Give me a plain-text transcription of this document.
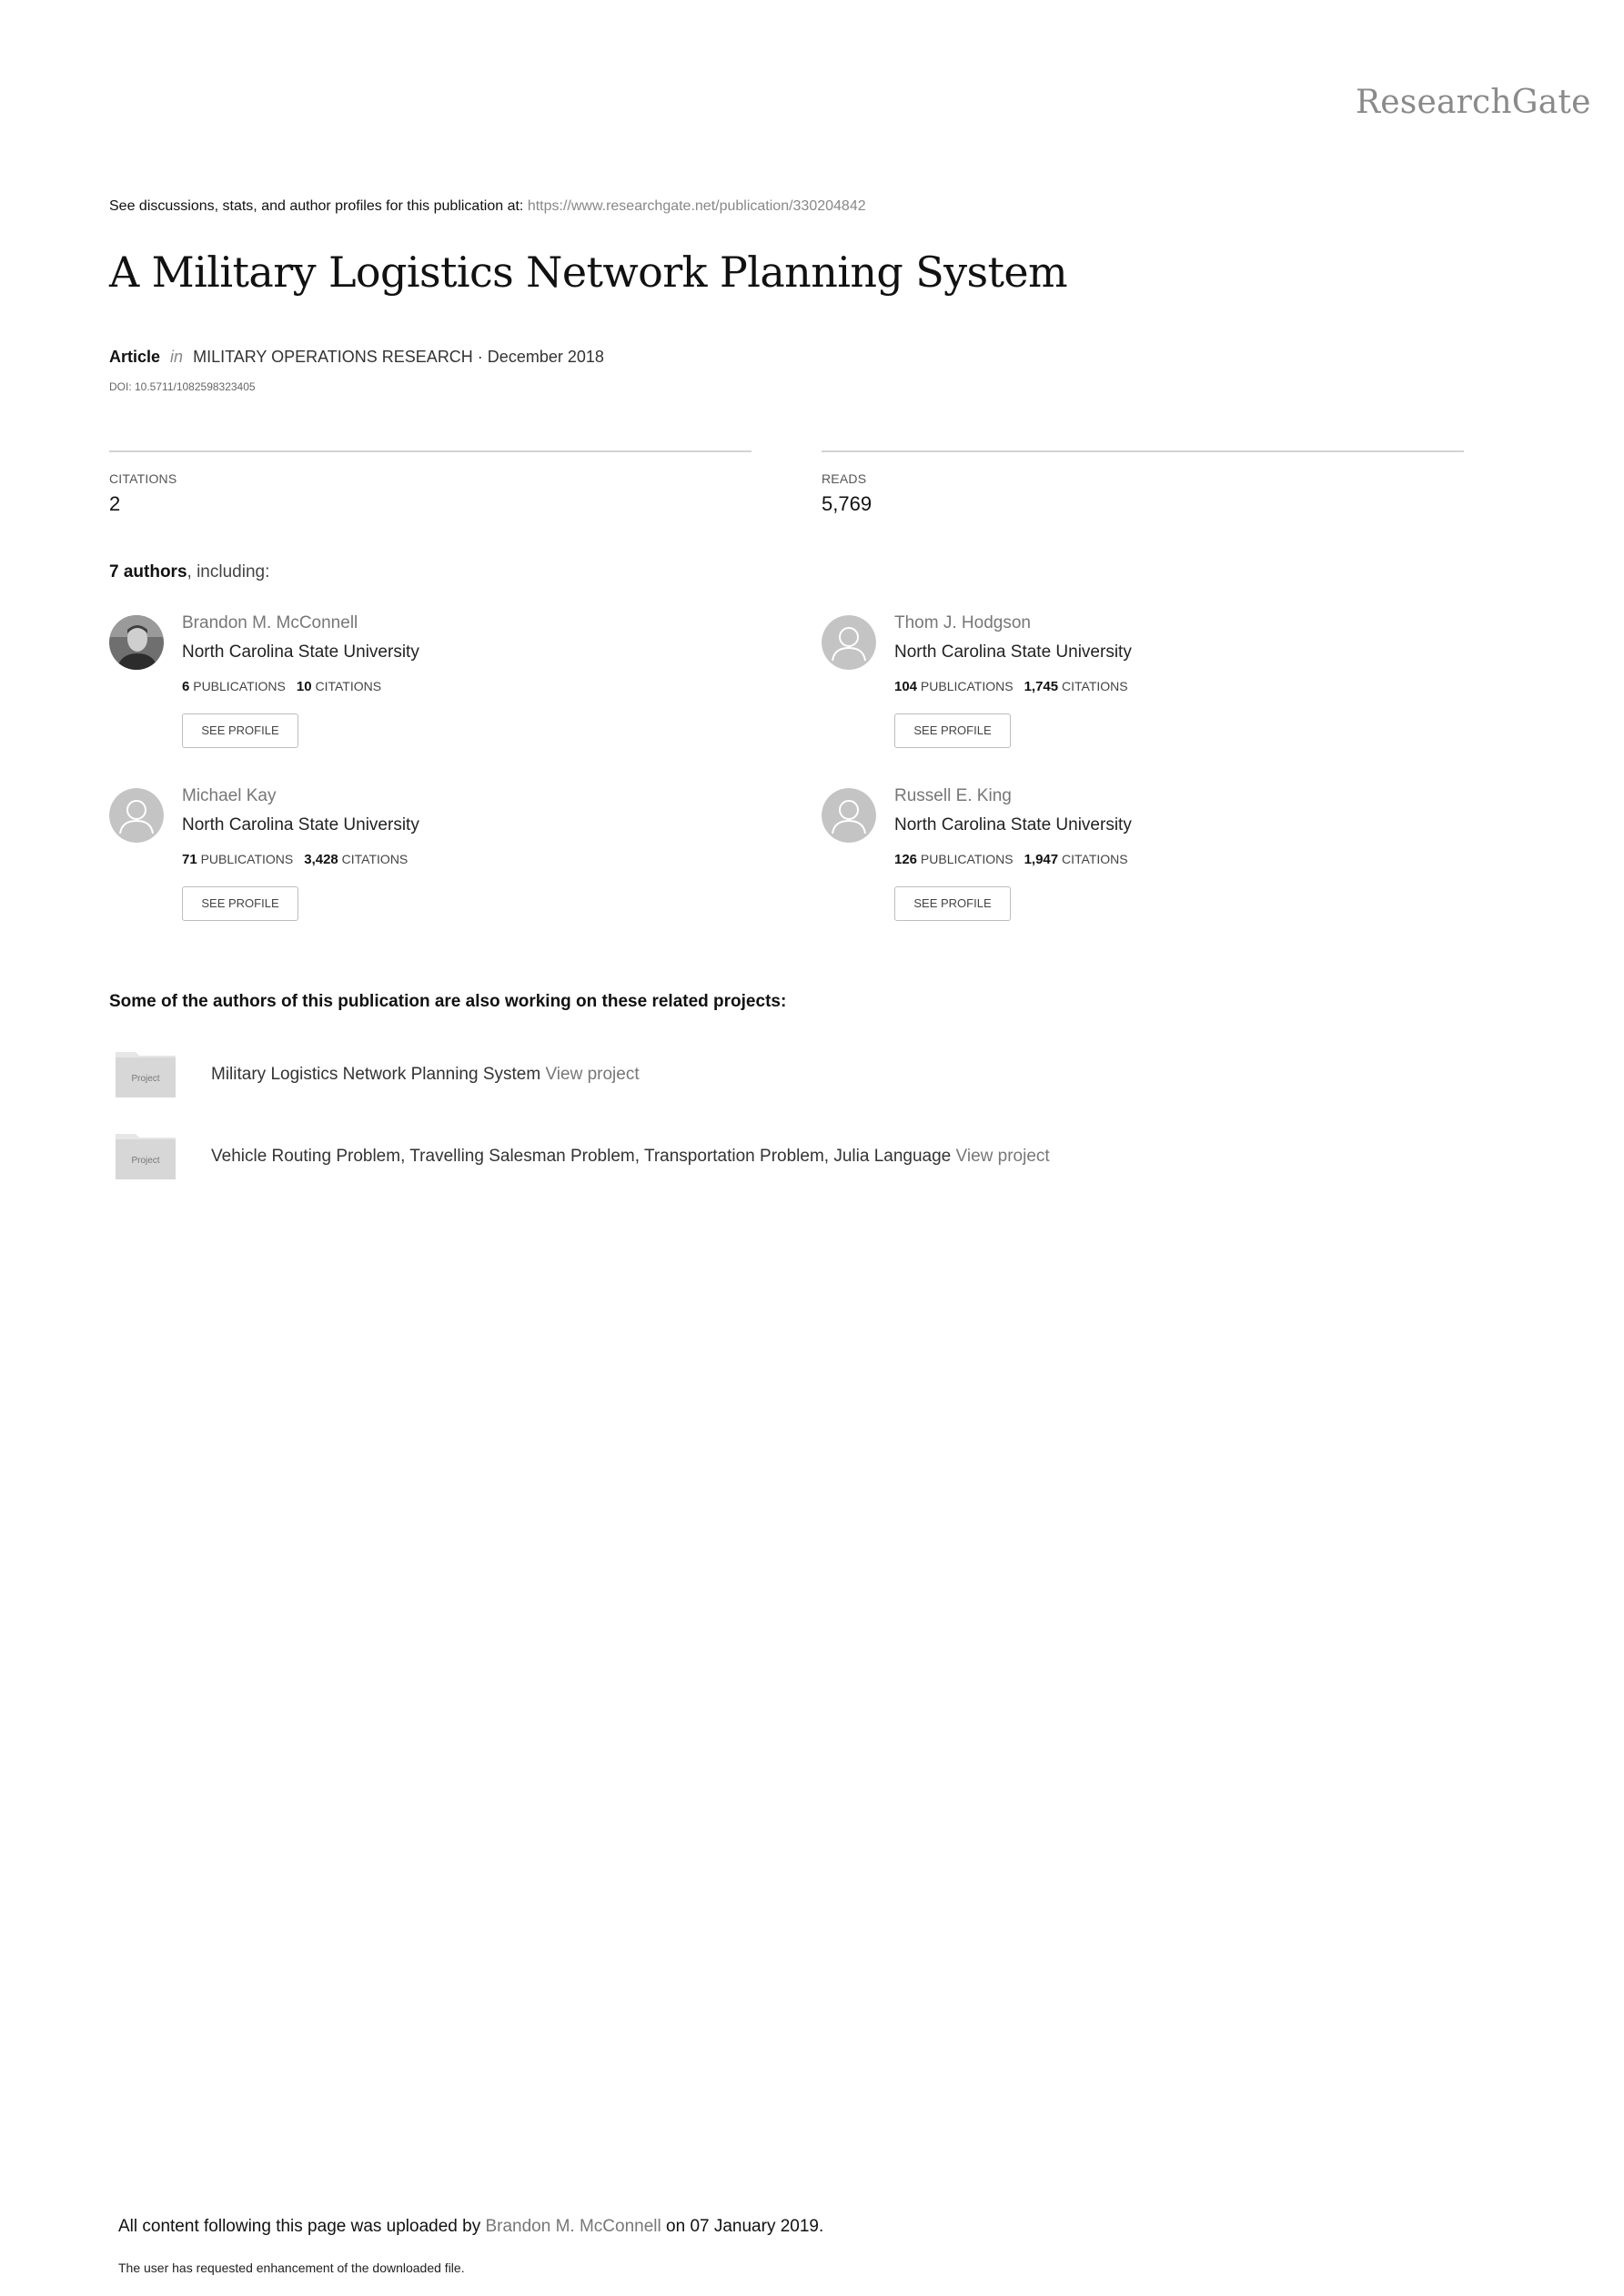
ResearchGate
See discussions, stats, and author profiles for this publication at: https://www.researchgate.net/publication/330204842
A Military Logistics Network Planning System
Article in MILITARY OPERATIONS RESEARCH · December 2018
DOI: 10.5711/1082598323405
CITATIONS
2
READS
5,769
7 authors, including:
Brandon M. McConnell
North Carolina State University
6 PUBLICATIONS 10 CITATIONS
SEE PROFILE
Thom J. Hodgson
North Carolina State University
104 PUBLICATIONS 1,745 CITATIONS
SEE PROFILE
Michael Kay
North Carolina State University
71 PUBLICATIONS 3,428 CITATIONS
SEE PROFILE
Russell E. King
North Carolina State University
126 PUBLICATIONS 1,947 CITATIONS
SEE PROFILE
Some of the authors of this publication are also working on these related projects:
Project	Military Logistics Network Planning System View project
Project	Vehicle Routing Problem, Travelling Salesman Problem, Transportation Problem, Julia Language View project
All content following this page was uploaded by Brandon M. McConnell on 07 January 2019.
The user has requested enhancement of the downloaded file.
